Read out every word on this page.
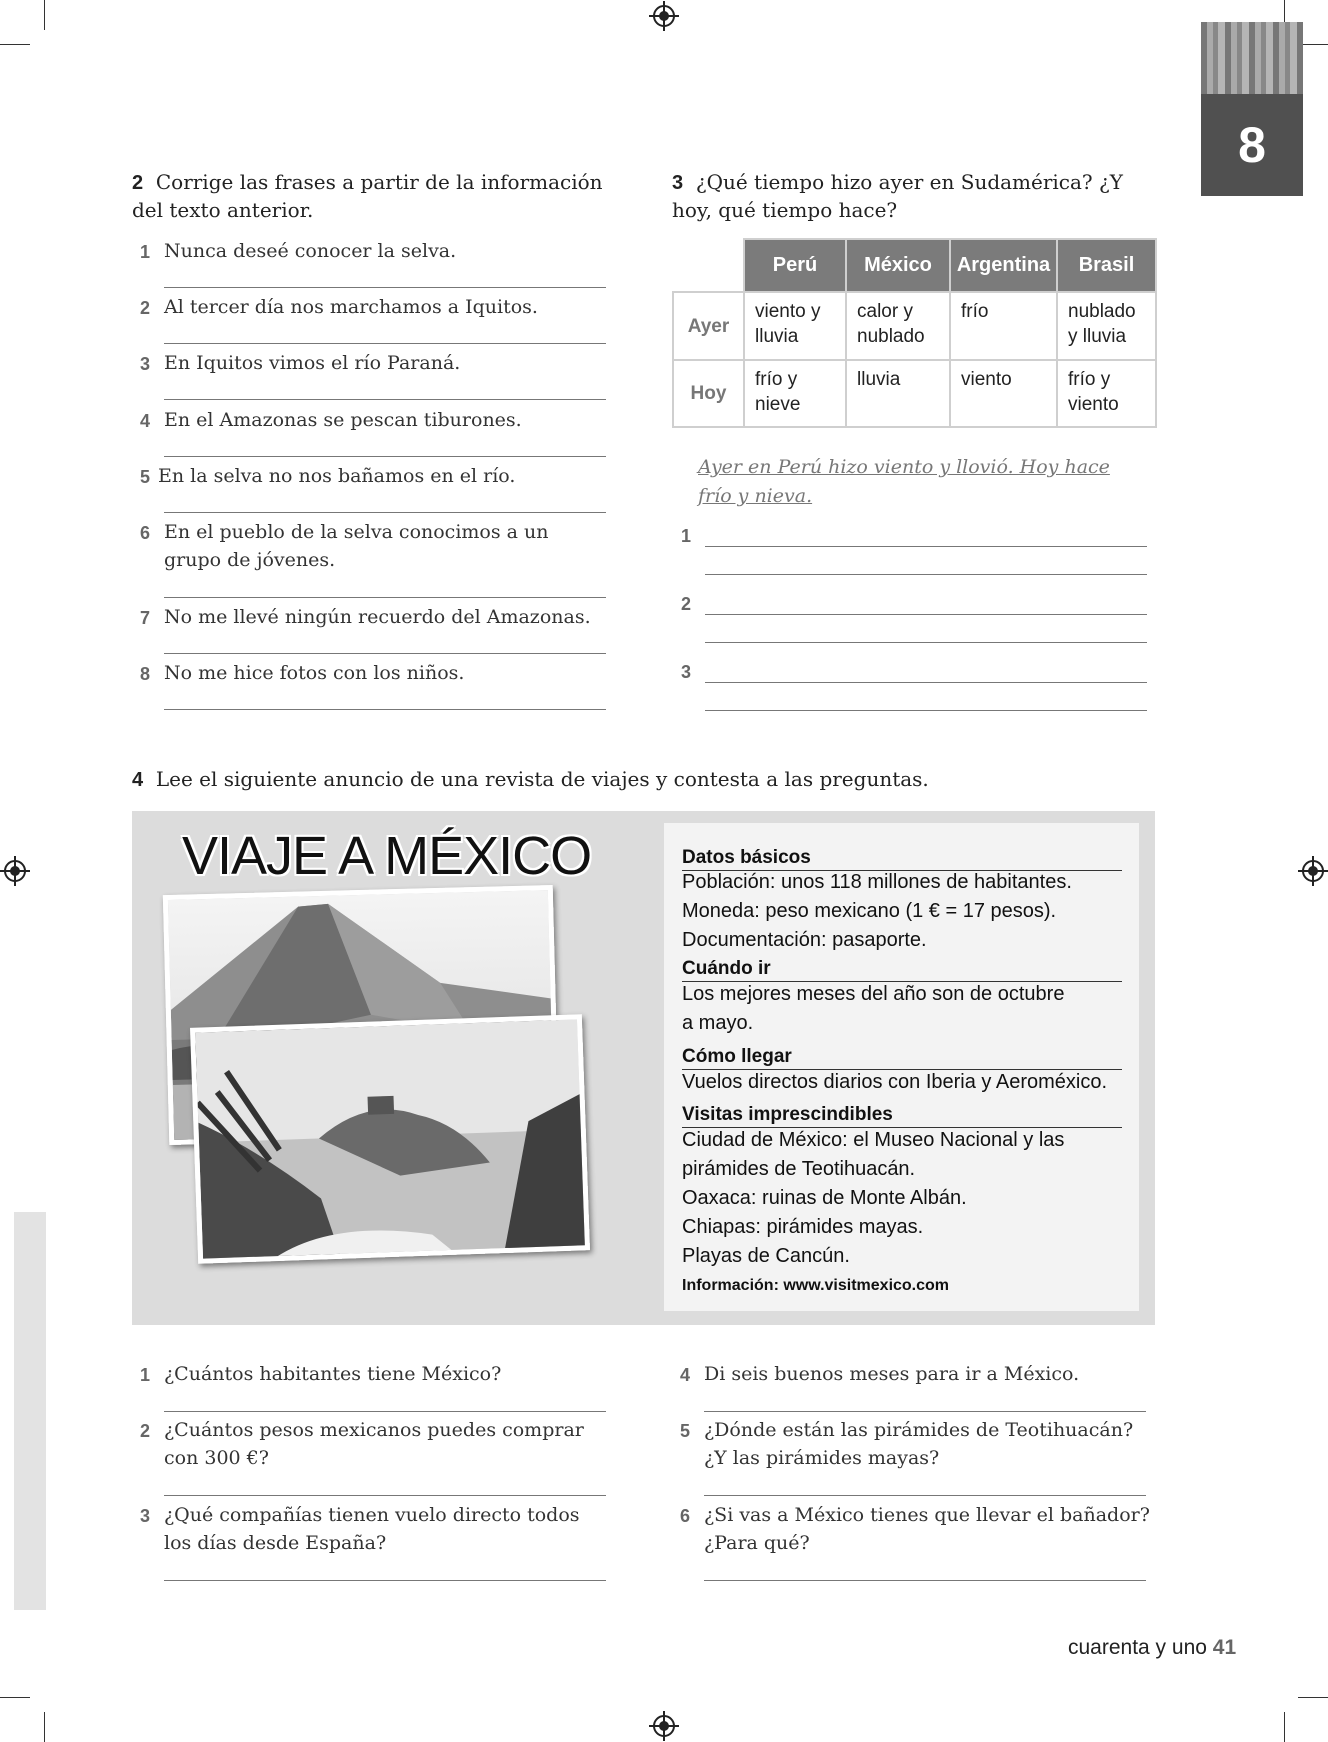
8
2 Corrige las frases a partir de la información del texto anterior.
1 Nunca deseé conocer la selva.
2 Al tercer día nos marchamos a Iquitos.
3 En Iquitos vimos el río Paraná.
4 En el Amazonas se pescan tiburones.
5 En la selva no nos bañamos en el río.
6 En el pueblo de la selva conocimos a un grupo de jóvenes.
7 No me llevé ningún recuerdo del Amazonas.
8 No me hice fotos con los niños.
3 ¿Qué tiempo hizo ayer en Sudamérica? ¿Y hoy, qué tiempo hace?
	Perú	México	Argentina	Brasil
Ayer	viento y lluvia	calor y nublado	frío	nublado y lluvia
Hoy	frío y nieve	lluvia	viento	frío y viento
Ayer en Perú hizo viento y llovió. Hoy hace frío y nieva.
1
2
3
4 Lee el siguiente anuncio de una revista de viajes y contesta a las preguntas.
VIAJE A MÉXICO	Datos básicos
Población: unos 118 millones de habitantes.
Moneda: peso mexicano (1 € = 17 pesos).
Documentación: pasaporte.
Cuándo ir
Los mejores meses del año son de octubre
a mayo.
Cómo llegar
Vuelos directos diarios con Iberia y Aeroméxico.
Visitas imprescindibles
Ciudad de México: el Museo Nacional y las
pirámides de Teotihuacán.
Oaxaca: ruinas de Monte Albán.
Chiapas: pirámides mayas.
Playas de Cancún.
Información: www.visitmexico.com
1 ¿Cuántos habitantes tiene México?
2 ¿Cuántos pesos mexicanos puedes comprar con 300 €?
3 ¿Qué compañías tienen vuelo directo todos los días desde España?
4 Di seis buenos meses para ir a México.
5 ¿Dónde están las pirámides de Teotihuacán? ¿Y las pirámides mayas?
6 ¿Si vas a México tienes que llevar el bañador? ¿Para qué?
cuarenta y uno 41
